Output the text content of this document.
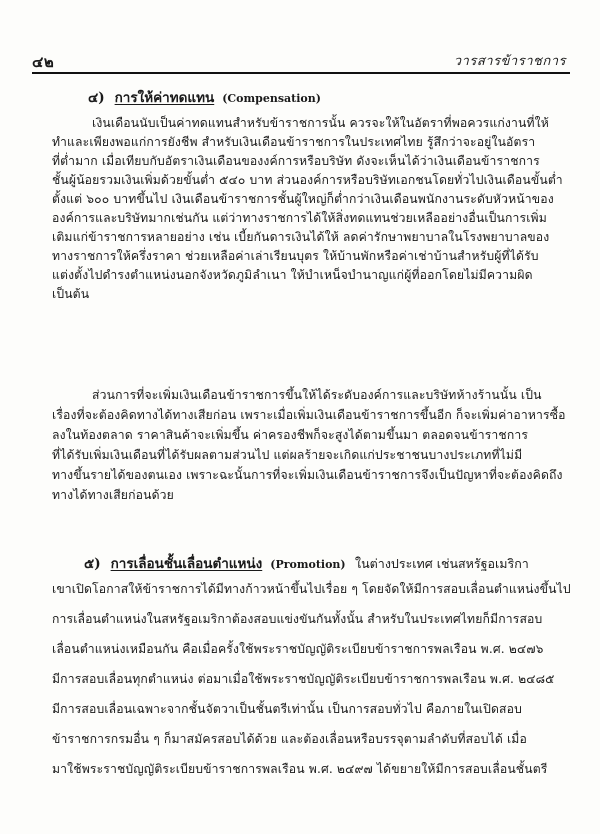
๔๒	วารสารข้าราชการ
๔) การให้ค่าทดแทน (Compensation)
เงินเดือนนับเป็นค่าทดแทนสำหรับข้าราชการนั้น ควรจะให้ในอัตราที่พอควรแก่งานที่ให้
ทำและเพียงพอแก่การยังชีพ สำหรับเงินเดือนข้าราชการในประเทศไทย รู้สึกว่าจะอยู่ในอัตรา
ที่ต่ำมาก เมื่อเทียบกับอัตราเงินเดือนของงค์การหรือบริษัท ดังจะเห็นได้ว่าเงินเดือนข้าราชการ
ชั้นผู้น้อยรวมเงินเพิ่มด้วยขั้นต่ำ ๕๔๐ บาท ส่วนองค์การหรือบริษัทเอกชนโดยทั่วไปเงินเดือนขั้นต่ำ
ตั้งแต่ ๖๐๐ บาทขึ้นไป เงินเดือนข้าราชการชั้นผู้ใหญ่ก็ต่ำกว่าเงินเดือนพนักงานระดับหัวหน้าของ
องค์การและบริษัทมากเช่นกัน แต่ว่าทางราชการได้ให้สิ่งทดแทนช่วยเหลืออย่างอื่นเป็นการเพิ่ม
เติมแก่ข้าราชการหลายอย่าง เช่น เบี้ยกันดารเงินได้ให้ ลดค่ารักษาพยาบาลในโรงพยาบาลของ
ทางราชการให้ครึ่งราคา ช่วยเหลือค่าเล่าเรียนบุตร ให้บ้านพักหรือค่าเช่าบ้านสำหรับผู้ที่ได้รับ
แต่งตั้งไปดำรงตำแหน่งนอกจังหวัดภูมิลำเนา ให้บำเหน็จบำนาญแก่ผู้ที่ออกโดยไม่มีความผิด
เป็นต้น
ส่วนการที่จะเพิ่มเงินเดือนข้าราชการขึ้นให้ได้ระดับองค์การและบริษัทห้างร้านนั้น เป็น
เรื่องที่จะต้องคิดทางได้ทางเสียก่อน เพราะเมื่อเพิ่มเงินเดือนข้าราชการขึ้นอีก ก็จะเพิ่มค่าอาหารซื้อ
ลงในท้องตลาด ราคาสินค้าจะเพิ่มขึ้น ค่าครองชีพก็จะสูงได้ตามขึ้นมา ตลอดจนข้าราชการ
ที่ได้รับเพิ่มเงินเดือนที่ได้รับผลตามส่วนไป แต่ผลร้ายจะเกิดแก่ประชาชนบางประเภทที่ไม่มี
ทางขึ้นรายได้ของตนเอง เพราะฉะนั้นการที่จะเพิ่มเงินเดือนข้าราชการจึงเป็นปัญหาที่จะต้องคิดถึง
ทางได้ทางเสียก่อนด้วย
๕) การเลื่อนชั้นเลื่อนตำแหน่ง (Promotion) ในต่างประเทศ เช่นสหรัฐอเมริกา
เขาเปิดโอกาสให้ข้าราชการได้มีทางก้าวหน้าขึ้นไปเรื่อย ๆ โดยจัดให้มีการสอบเลื่อนตำแหน่งขึ้นไป
การเลื่อนตำแหน่งในสหรัฐอเมริกาต้องสอบแข่งขันกันทั้งนั้น สำหรับในประเทศไทยก็มีการสอบ
เลื่อนตำแหน่งเหมือนกัน คือเมื่อครั้งใช้พระราชบัญญัติระเบียบข้าราชการพลเรือน พ.ศ. ๒๔๗๖
มีการสอบเลื่อนทุกตำแหน่ง ต่อมาเมื่อใช้พระราชบัญญัติระเบียบข้าราชการพลเรือน พ.ศ. ๒๔๘๕
มีการสอบเลื่อนเฉพาะจากชั้นจัตวาเป็นชั้นตรีเท่านั้น เป็นการสอบทั่วไป คือภายในเปิดสอบ
ข้าราชการกรมอื่น ๆ ก็มาสมัครสอบได้ด้วย และต้องเลื่อนหรือบรรจุตามลำดับที่สอบได้ เมื่อ
มาใช้พระราชบัญญัติระเบียบข้าราชการพลเรือน พ.ศ. ๒๔๙๗ ได้ขยายให้มีการสอบเลื่อนชั้นตรี
